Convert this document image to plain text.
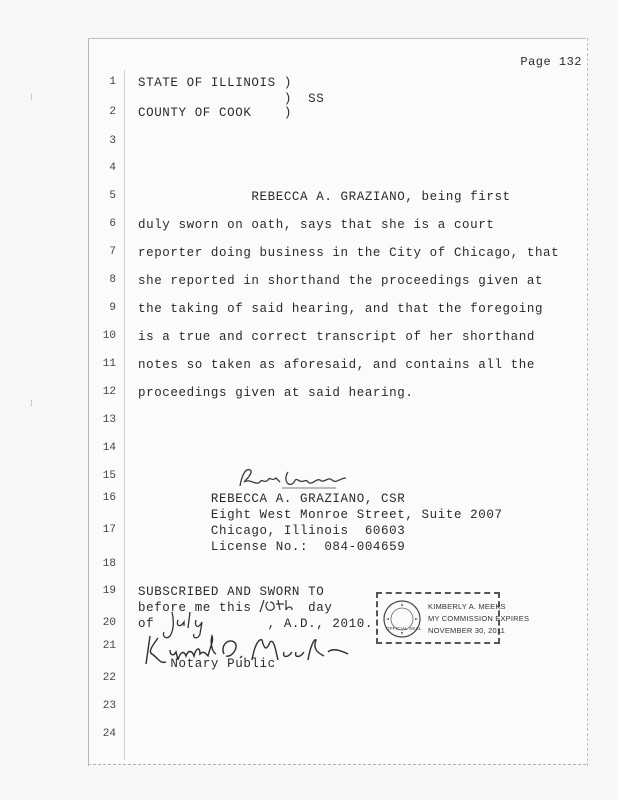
Page 132
1 STATE OF ILLINOIS )
)  SS
2 COUNTY OF COOK    )
3
4
5 REBECCA A. GRAZIANO, being first
6 duly sworn on oath, says that she is a court
7 reporter doing business in the City of Chicago, that
8 she reported in shorthand the proceedings given at
9 the taking of said hearing, and that the foregoing
10 is a true and correct transcript of her shorthand
11 notes so taken as aforesaid, and contains all the
12 proceedings given at said hearing.
13
14
15
16 REBECCA A. GRAZIANO, CSR
Eight West Monroe Street, Suite 2007
17 Chicago, Illinois  60603
License No.:  084-004659
18
19 SUBSCRIBED AND SWORN TO
before me this       day
20 of              , A.D., 2010.
21
Notary Public
22
23
24
⁝
⁝
OFFICIAL SEAL
KIMBERLY A. MEEKS
MY COMMISSION EXPIRES
NOVEMBER 30, 2011
